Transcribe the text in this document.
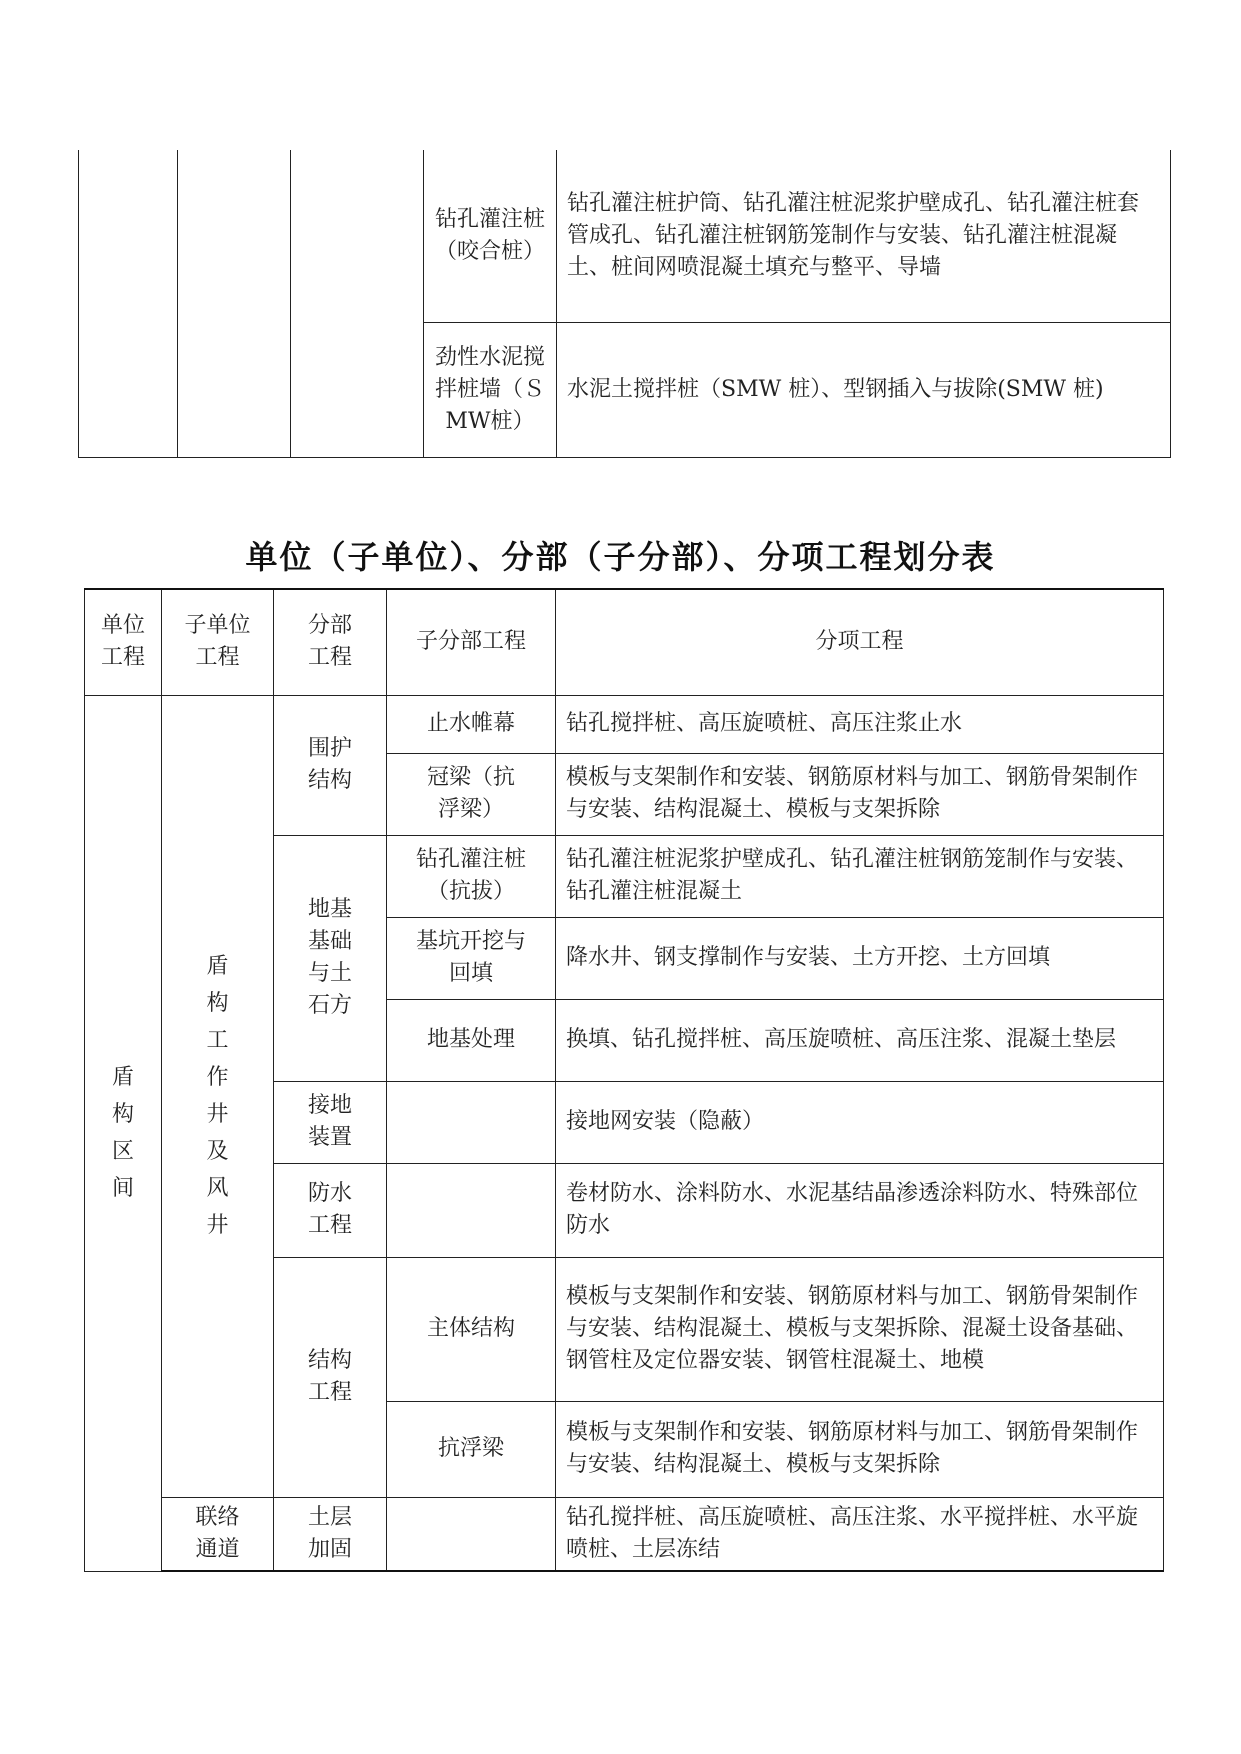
			钻孔灌注桩 （咬合桩）	钻孔灌注桩护筒、钻孔灌注桩泥浆护壁成孔、钻孔灌注桩套管成孔、钻孔灌注桩钢筋笼制作与安装、钻孔灌注桩混凝土、桩间网喷混凝土填充与整平、导墙
			劲性水泥搅拌桩墙（ＳMW桩）	水泥土搅拌桩（SMW 桩）、型钢插入与拔除(SMW 桩)
单位（子单位）、分部（子分部）、分项工程划分表
单位工程	子单位工程	分部工程	子分部工程	分项工程
盾构区间	盾构工作井及风井	围护结构	止水帷幕	钻孔搅拌桩、高压旋喷桩、高压注浆止水
			冠梁（抗浮梁）	模板与支架制作和安装、钢筋原材料与加工、钢筋骨架制作与安装、结构混凝土、模板与支架拆除
		地基基础与土石方	钻孔灌注桩（抗拔）	钻孔灌注桩泥浆护壁成孔、钻孔灌注桩钢筋笼制作与安装、钻孔灌注桩混凝土
			基坑开挖与回填	降水井、钢支撑制作与安装、土方开挖、土方回填
			地基处理	换填、钻孔搅拌桩、高压旋喷桩、高压注浆、混凝土垫层
		接地装置		接地网安装（隐蔽）
		防水工程		卷材防水、涂料防水、水泥基结晶渗透涂料防水、特殊部位防水
		结构工程	主体结构	模板与支架制作和安装、钢筋原材料与加工、钢筋骨架制作与安装、结构混凝土、模板与支架拆除、混凝土设备基础、钢管柱及定位器安装、钢管柱混凝土、地模
			抗浮梁	模板与支架制作和安装、钢筋原材料与加工、钢筋骨架制作与安装、结构混凝土、模板与支架拆除
	联络通道	土层加固		钻孔搅拌桩、高压旋喷桩、高压注浆、水平搅拌桩、水平旋喷桩、土层冻结
